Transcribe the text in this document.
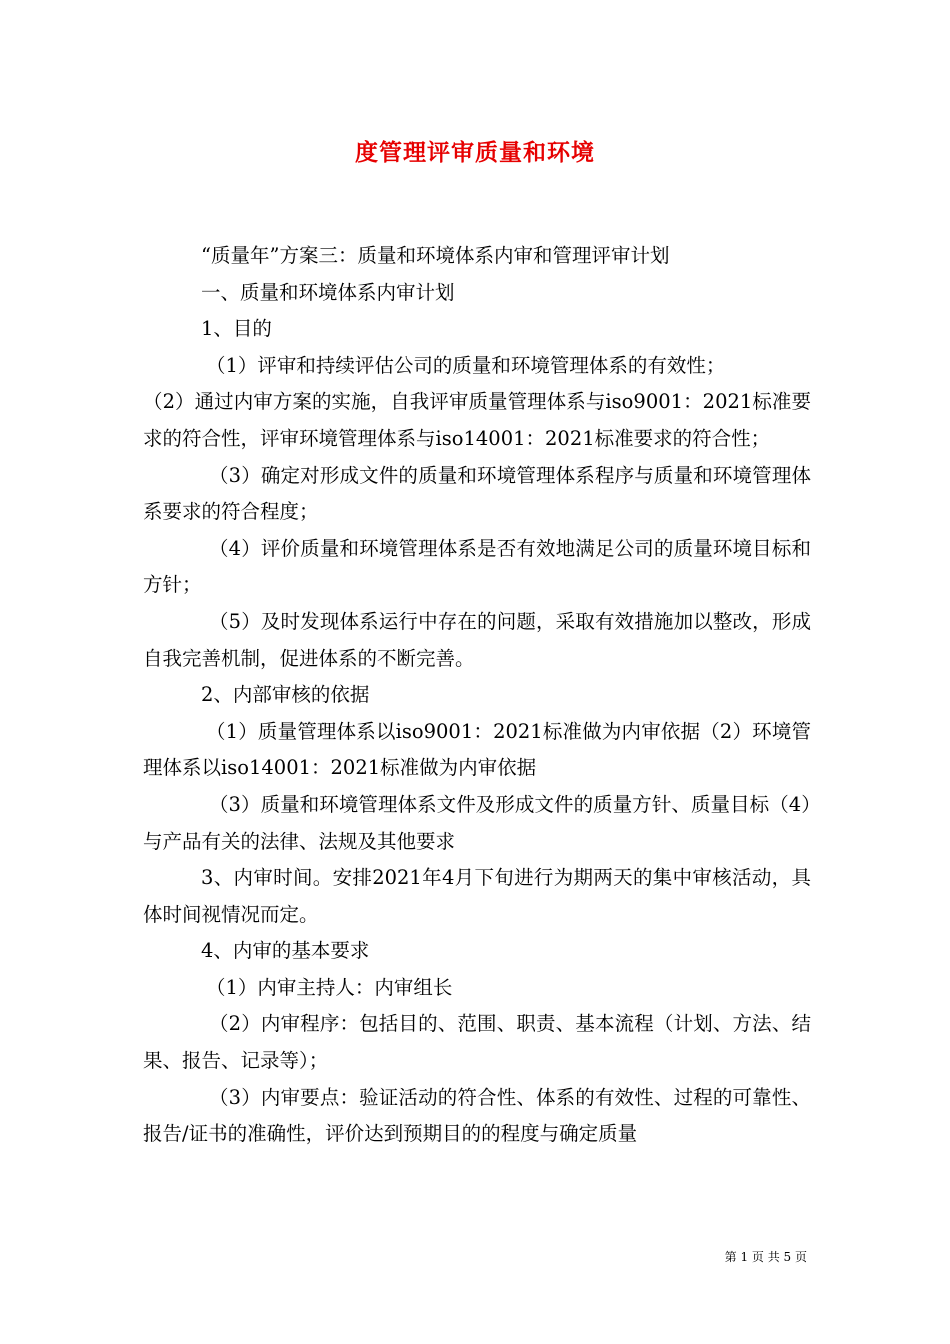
度管理评审质量和环境

“质量年”方案三：质量和环境体系内审和管理评审计划

一、质量和环境体系内审计划

1、目的

（1）评审和持续评估公司的质量和环境管理体系的有效性；

（2）通过内审方案的实施，自我评审质量管理体系与iso9001：2021标准要求的符合性，评审环境管理体系与iso14001：2021标准要求的符合性；

（3）确定对形成文件的质量和环境管理体系程序与质量和环境管理体系要求的符合程度；

（4）评价质量和环境管理体系是否有效地满足公司的质量环境目标和方针；

（5）及时发现体系运行中存在的问题，采取有效措施加以整改，形成自我完善机制，促进体系的不断完善。

2、内部审核的依据

（1）质量管理体系以iso9001：2021标准做为内审依据（2）环境管理体系以iso14001：2021标准做为内审依据

（3）质量和环境管理体系文件及形成文件的质量方针、质量目标（4）与产品有关的法律、法规及其他要求

3、内审时间。安排2021年4月下旬进行为期两天的集中审核活动，具体时间视情况而定。

4、内审的基本要求

（1）内审主持人：内审组长

（2）内审程序：包括目的、范围、职责、基本流程（计划、方法、结果、报告、记录等）；

（3）内审要点：验证活动的符合性、体系的有效性、过程的可靠性、报告/证书的准确性，评价达到预期目的的程度与确定质量

第 1 页 共 5 页
